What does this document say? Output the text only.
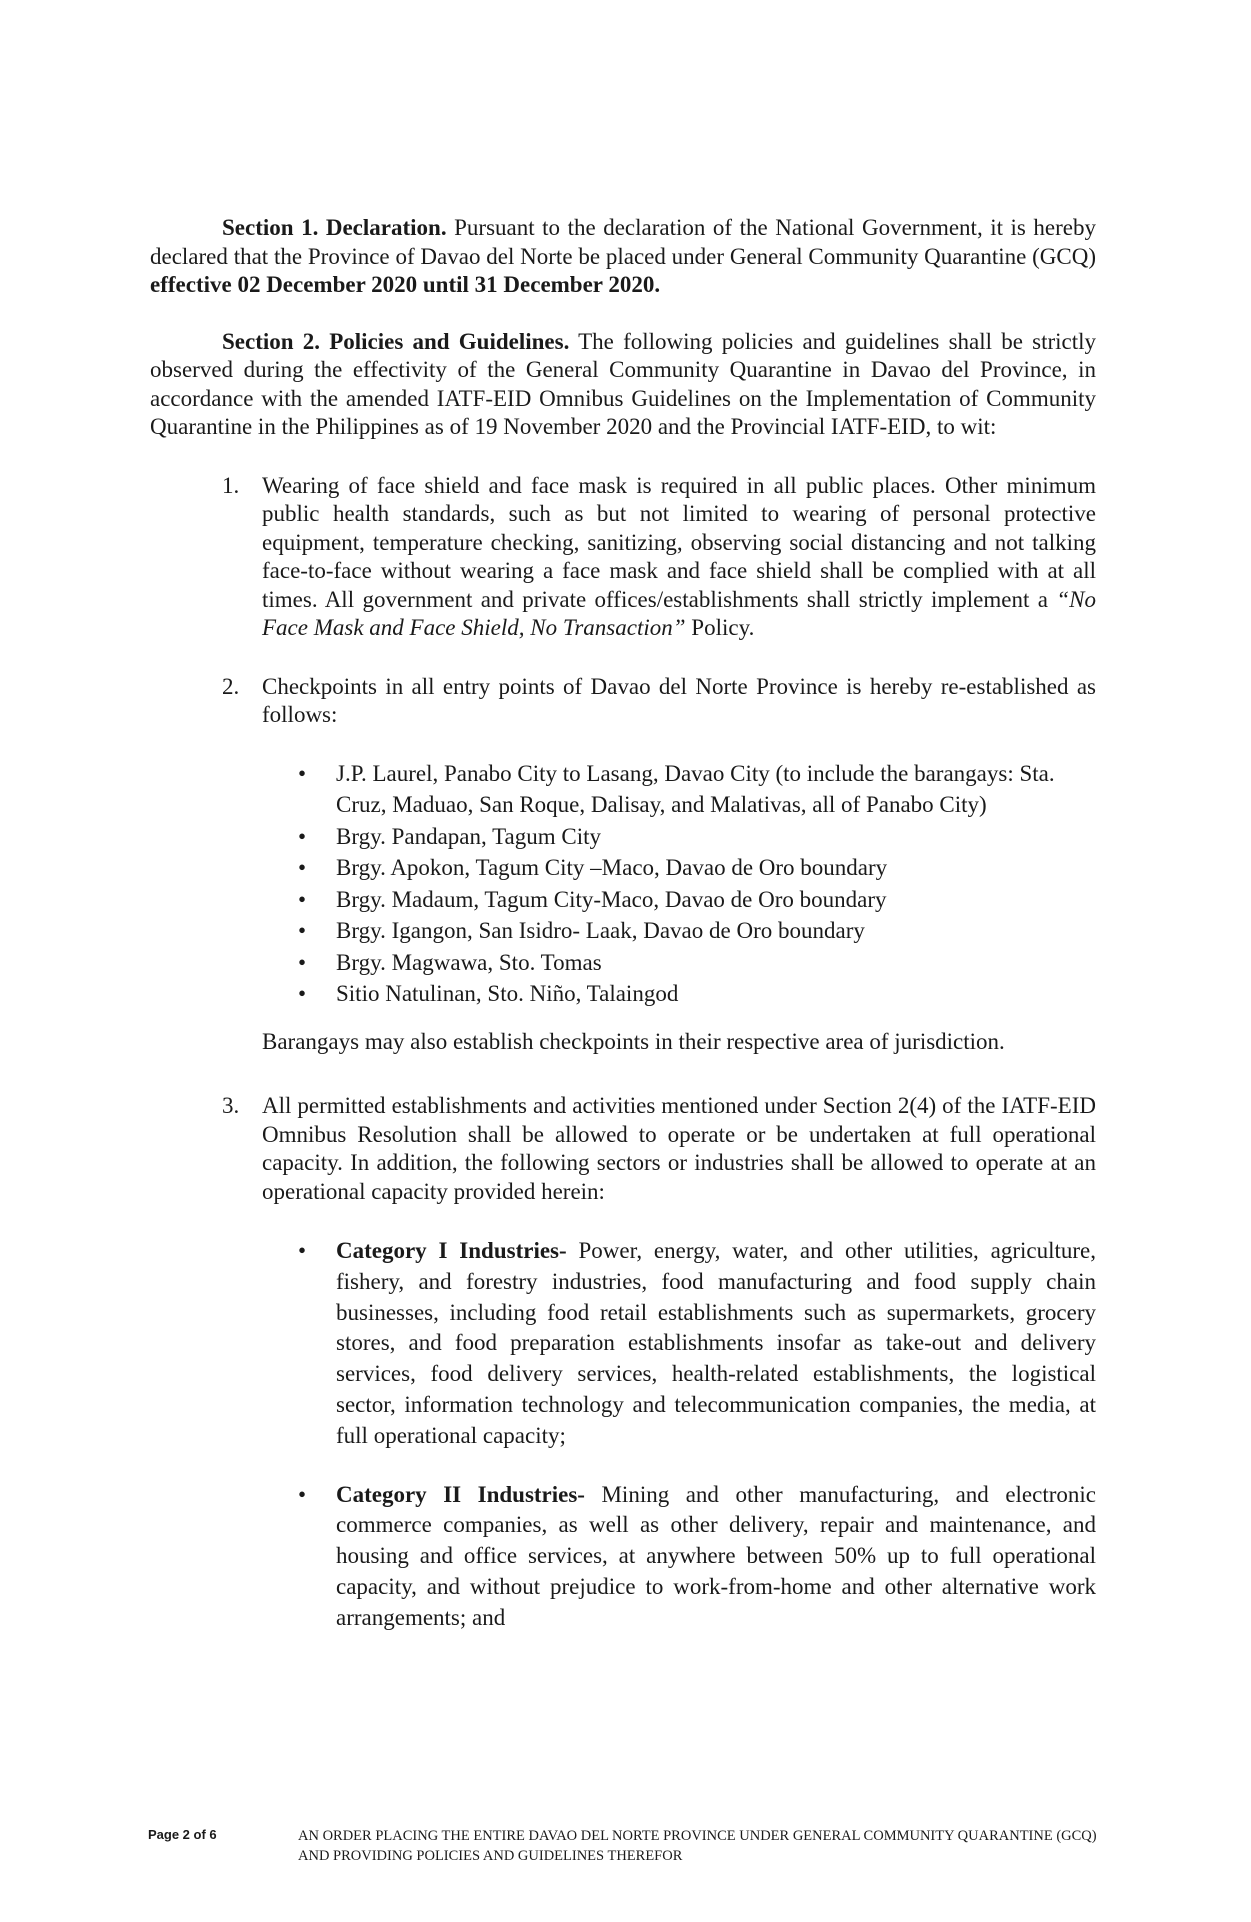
Section 1. Declaration. Pursuant to the declaration of the National Government, it is hereby declared that the Province of Davao del Norte be placed under General Community Quarantine (GCQ) effective 02 December 2020 until 31 December 2020.

Section 2. Policies and Guidelines. The following policies and guidelines shall be strictly observed during the effectivity of the General Community Quarantine in Davao del Province, in accordance with the amended IATF-EID Omnibus Guidelines on the Implementation of Community Quarantine in the Philippines as of 19 November 2020 and the Provincial IATF-EID, to wit:

1. Wearing of face shield and face mask is required in all public places. Other minimum public health standards, such as but not limited to wearing of personal protective equipment, temperature checking, sanitizing, observing social distancing and not talking face-to-face without wearing a face mask and face shield shall be complied with at all times. All government and private offices/establishments shall strictly implement a “No Face Mask and Face Shield, No Transaction” Policy.

2. Checkpoints in all entry points of Davao del Norte Province is hereby re-established as follows:

• J.P. Laurel, Panabo City to Lasang, Davao City (to include the barangays: Sta. Cruz, Maduao, San Roque, Dalisay, and Malativas, all of Panabo City)
• Brgy. Pandapan, Tagum City
• Brgy. Apokon, Tagum City –Maco, Davao de Oro boundary
• Brgy. Madaum, Tagum City-Maco, Davao de Oro boundary
• Brgy. Igangon, San Isidro- Laak, Davao de Oro boundary
• Brgy. Magwawa, Sto. Tomas
• Sitio Natulinan, Sto. Niño, Talaingod

Barangays may also establish checkpoints in their respective area of jurisdiction.

3. All permitted establishments and activities mentioned under Section 2(4) of the IATF-EID Omnibus Resolution shall be allowed to operate or be undertaken at full operational capacity. In addition, the following sectors or industries shall be allowed to operate at an operational capacity provided herein:

• Category I Industries- Power, energy, water, and other utilities, agriculture, fishery, and forestry industries, food manufacturing and food supply chain businesses, including food retail establishments such as supermarkets, grocery stores, and food preparation establishments insofar as take-out and delivery services, food delivery services, health-related establishments, the logistical sector, information technology and telecommunication companies, the media, at full operational capacity;
• Category II Industries- Mining and other manufacturing, and electronic commerce companies, as well as other delivery, repair and maintenance, and housing and office services, at anywhere between 50% up to full operational capacity, and without prejudice to work-from-home and other alternative work arrangements; and
Page 2 of 6	AN ORDER PLACING THE ENTIRE DAVAO DEL NORTE PROVINCE UNDER GENERAL COMMUNITY QUARANTINE (GCQ) AND PROVIDING POLICIES AND GUIDELINES THEREFOR
